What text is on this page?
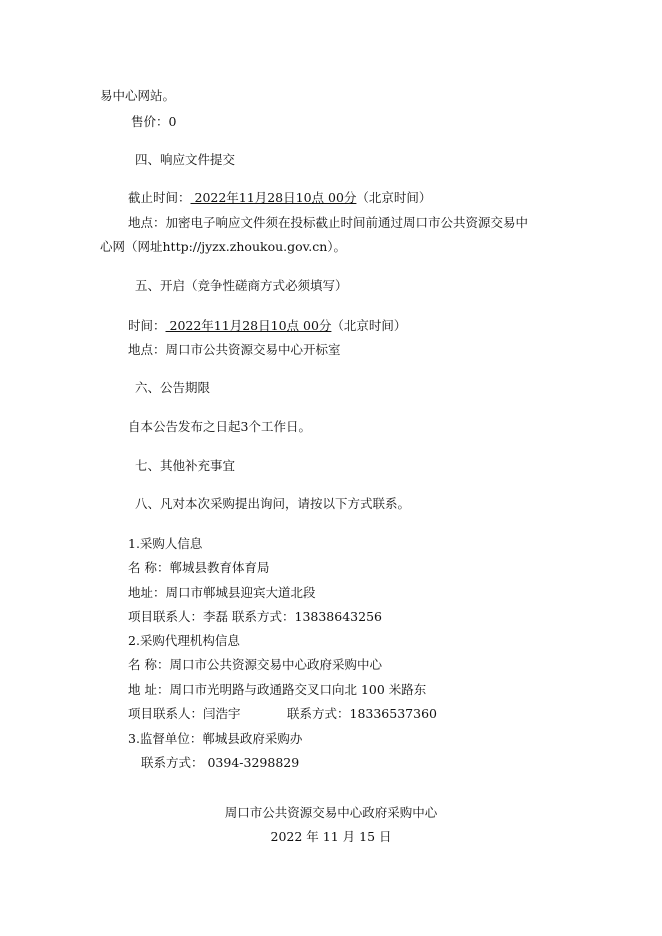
易中心网站。
售价：0
四、响应文件提交
截止时间： 2022年11月28日10点 00分（北京时间）
地点：加密电子响应文件须在投标截止时间前通过周口市公共资源交易中
心网（网址http://jyzx.zhoukou.gov.cn）。
五、开启（竞争性磋商方式必须填写）
时间： 2022年11月28日10点 00分（北京时间）
地点：周口市公共资源交易中心开标室
六、公告期限
自本公告发布之日起3个工作日。
七、其他补充事宜
八、凡对本次采购提出询问，请按以下方式联系。
1.采购人信息
名 称：郸城县教育体育局
地址：周口市郸城县迎宾大道北段
项目联系人：李磊 联系方式：13838643256
2.采购代理机构信息
名 称：周口市公共资源交易中心政府采购中心
地 址：周口市光明路与政通路交叉口向北 100 米路东
项目联系人：闫浩宇	联系方式：18336537360
3.监督单位：郸城县政府采购办
联系方式： 0394-3298829
周口市公共资源交易中心政府采购中心
2022 年 11 月 15 日
